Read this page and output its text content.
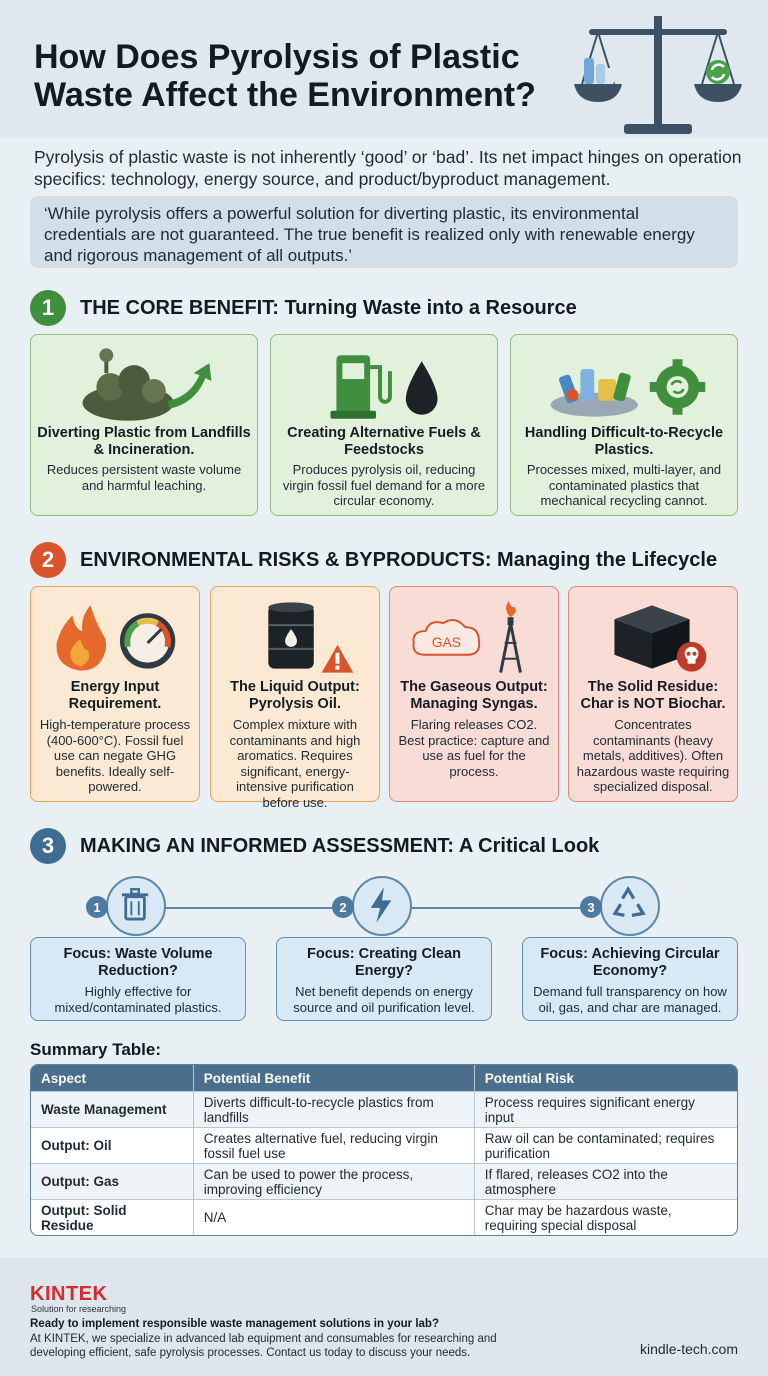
How Does Pyrolysis of Plastic Waste Affect the Environment?

Pyrolysis of plastic waste is not inherently ‘good’ or ‘bad’. Its net impact hinges on operation specifics: technology, energy source, and product/byproduct management.

‘While pyrolysis offers a powerful solution for diverting plastic, its environmental credentials are not guaranteed. The true benefit is realized only with renewable energy and rigorous management of all outputs.’
1	THE CORE BENEFIT: Turning Waste into a Resource
Diverting Plastic from Landfills & Incineration.
Reduces persistent waste volume and harmful leaching.
Creating Alternative Fuels & Feedstocks
Produces pyrolysis oil, reducing virgin fossil fuel demand for a more circular economy.
Handling Difficult-to-Recycle Plastics.
Processes mixed, multi-layer, and contaminated plastics that mechanical recycling cannot.
2	ENVIRONMENTAL RISKS & BYPRODUCTS: Managing the Lifecycle
Energy Input Requirement.
High-temperature process (400-600°C). Fossil fuel use can negate GHG benefits. Ideally self-powered.
The Liquid Output: Pyrolysis Oil.
Complex mixture with contaminants and high aromatics. Requires significant, energy-intensive purification before use.
GAS
The Gaseous Output: Managing Syngas.
Flaring releases CO2. Best practice: capture and use as fuel for the process.
The Solid Residue: Char is NOT Biochar.
Concentrates contaminants (heavy metals, additives). Often hazardous waste requiring specialized disposal.
3	MAKING AN INFORMED ASSESSMENT: A Critical Look
1	2	3
Focus: Waste Volume Reduction?
Highly effective for mixed/contaminated plastics.
Focus: Creating Clean Energy?
Net benefit depends on energy source and oil purification level.
Focus: Achieving Circular Economy?
Demand full transparency on how oil, gas, and char are managed.
Summary Table:
Aspect	Potential Benefit	Potential Risk
Waste Management	Diverts difficult-to-recycle plastics from landfills	Process requires significant energy input
Output: Oil	Creates alternative fuel, reducing virgin fossil fuel use	Raw oil can be contaminated; requires purification
Output: Gas	Can be used to power the process, improving efficiency	If flared, releases CO2 into the atmosphere
Output: Solid Residue	N/A	Char may be hazardous waste, requiring special disposal
KINTEK
Solution for researching
Ready to implement responsible waste management solutions in your lab?
At KINTEK, we specialize in advanced lab equipment and consumables for researching and developing efficient, safe pyrolysis processes. Contact us today to discuss your needs.	kindle-tech.com
